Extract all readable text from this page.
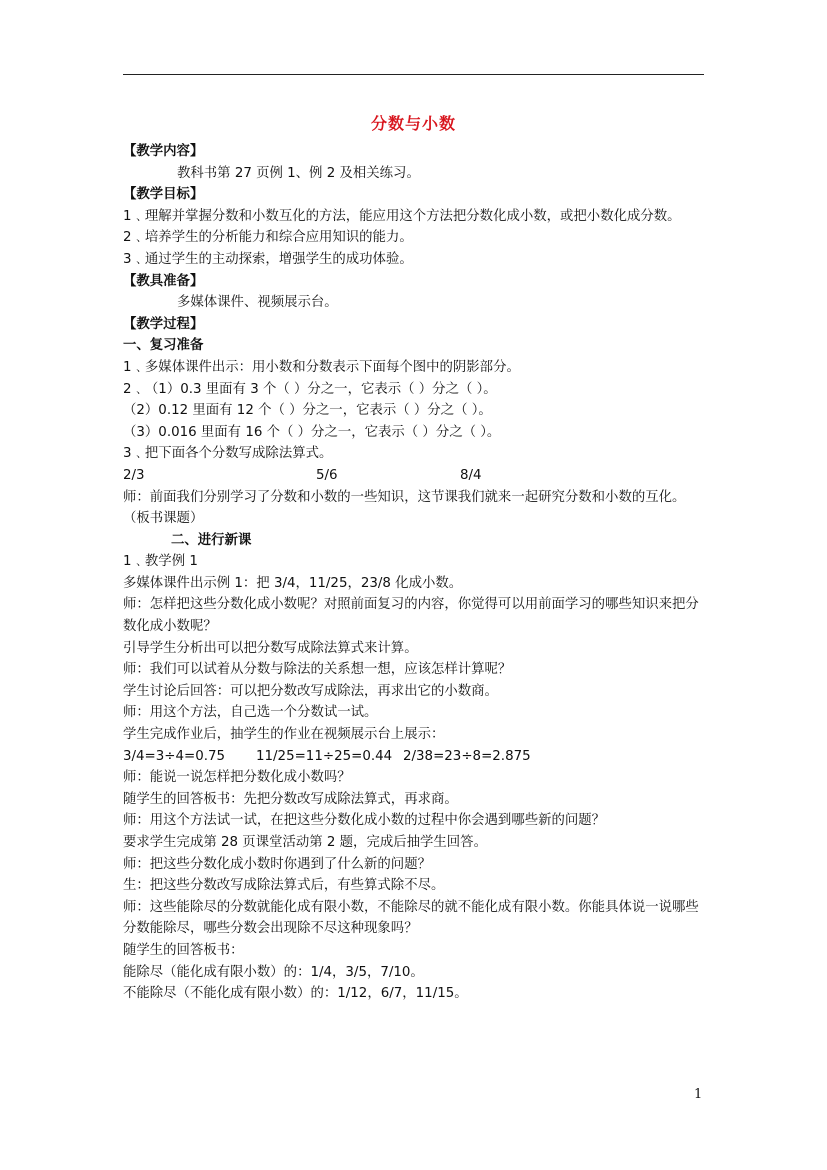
分数与小数
【教学内容】
教科书第 27 页例 1、例 2 及相关练习。
【教学目标】
1﹑理解并掌握分数和小数互化的方法，能应用这个方法把分数化成小数，或把小数化成分数。
2﹑培养学生的分析能力和综合应用知识的能力。
3﹑通过学生的主动探索，增强学生的成功体验。
【教具准备】
多媒体课件、视频展示台。
【教学过程】
一、复习准备
1﹑多媒体课件出示：用小数和分数表示下面每个图中的阴影部分。
2﹑（1）0.3 里面有 3 个（ ）分之一，它表示（ ）分之（ ）。
（2）0.12 里面有 12 个（ ）分之一，它表示（ ）分之（ ）。
（3）0.016 里面有 16 个（ ）分之一，它表示（ ）分之（ ）。
3﹑把下面各个分数写成除法算式。
2/3	5/6	8/4
师：前面我们分别学习了分数和小数的一些知识，这节课我们就来一起研究分数和小数的互化。
（板书课题）
二、进行新课
1﹑教学例 1
多媒体课件出示例 1：把 3/4，11/25，23/8 化成小数。
师：怎样把这些分数化成小数呢？对照前面复习的内容，你觉得可以用前面学习的哪些知识来把分数化成小数呢？
引导学生分析出可以把分数写成除法算式来计算。
师：我们可以试着从分数与除法的关系想一想，应该怎样计算呢？
学生讨论后回答：可以把分数改写成除法，再求出它的小数商。
师：用这个方法，自己选一个分数试一试。
学生完成作业后，抽学生的作业在视频展示台上展示：
3/4=3÷4=0.75 11/25=11÷25=0.44 2/38=23÷8=2.875
师：能说一说怎样把分数化成小数吗？
随学生的回答板书：先把分数改写成除法算式，再求商。
师：用这个方法试一试，在把这些分数化成小数的过程中你会遇到哪些新的问题？
要求学生完成第 28 页课堂活动第 2 题，完成后抽学生回答。
师：把这些分数化成小数时你遇到了什么新的问题？
生：把这些分数改写成除法算式后，有些算式除不尽。
师：这些能除尽的分数就能化成有限小数，不能除尽的就不能化成有限小数。你能具体说一说哪些分数能除尽，哪些分数会出现除不尽这种现象吗？
随学生的回答板书：
能除尽（能化成有限小数）的：1/4，3/5，7/10。
不能除尽（不能化成有限小数）的：1/12，6/7，11/15。
1
